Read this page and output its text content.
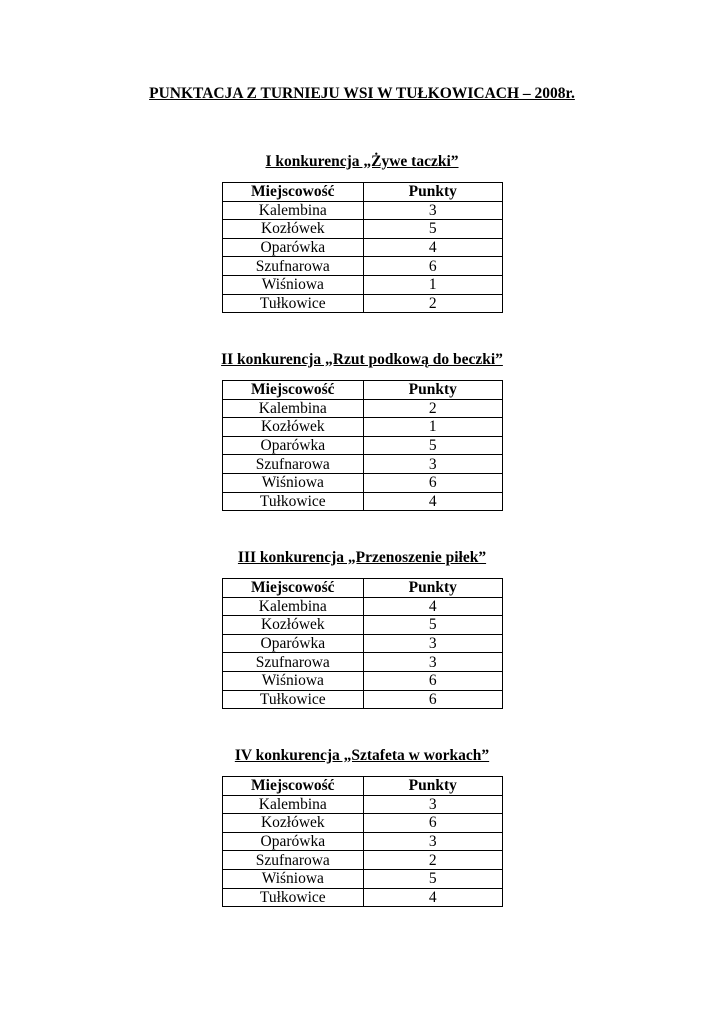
PUNKTACJA Z TURNIEJU WSI W TUŁKOWICACH – 2008r.
I konkurencja „Żywe taczki”
Miejscowość	Punkty
Kalembina	3
Kozłówek	5
Oparówka	4
Szufnarowa	6
Wiśniowa	1
Tułkowice	2
II konkurencja „Rzut podkową do beczki”
Miejscowość	Punkty
Kalembina	2
Kozłówek	1
Oparówka	5
Szufnarowa	3
Wiśniowa	6
Tułkowice	4
III konkurencja „Przenoszenie piłek”
Miejscowość	Punkty
Kalembina	4
Kozłówek	5
Oparówka	3
Szufnarowa	3
Wiśniowa	6
Tułkowice	6
IV konkurencja „Sztafeta w workach”
Miejscowość	Punkty
Kalembina	3
Kozłówek	6
Oparówka	3
Szufnarowa	2
Wiśniowa	5
Tułkowice	4
